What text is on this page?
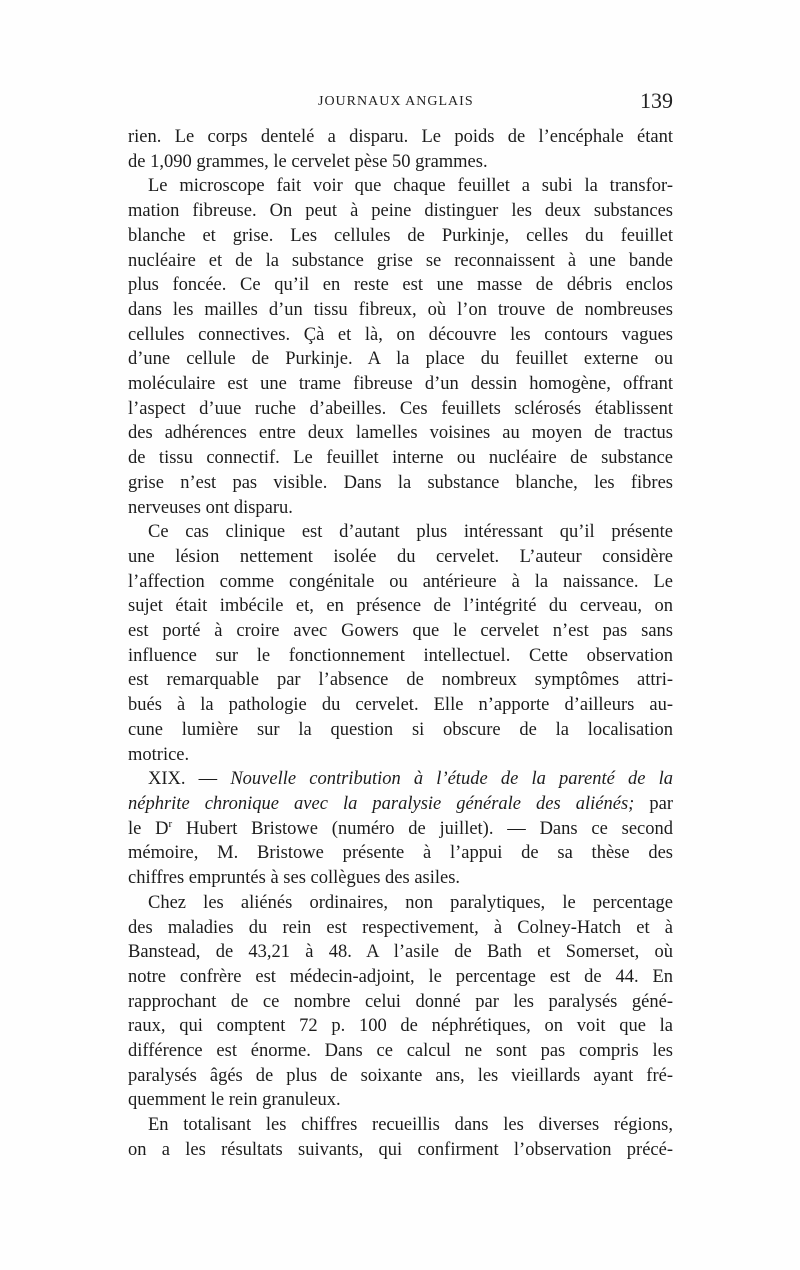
JOURNAUX ANGLAIS	139
rien. Le corps dentelé a disparu. Le poids de l’encéphale étant
de 1,090 grammes, le cervelet pèse 50 grammes.
Le microscope fait voir que chaque feuillet a subi la transfor-
mation fibreuse. On peut à peine distinguer les deux substances
blanche et grise. Les cellules de Purkinje, celles du feuillet
nucléaire et de la substance grise se reconnaissent à une bande
plus foncée. Ce qu’il en reste est une masse de débris enclos
dans les mailles d’un tissu fibreux, où l’on trouve de nombreuses
cellules connectives. Çà et là, on découvre les contours vagues
d’une cellule de Purkinje. A la place du feuillet externe ou
moléculaire est une trame fibreuse d’un dessin homogène, offrant
l’aspect d’uue ruche d’abeilles. Ces feuillets sclérosés établissent
des adhérences entre deux lamelles voisines au moyen de tractus
de tissu connectif. Le feuillet interne ou nucléaire de substance
grise n’est pas visible. Dans la substance blanche, les fibres
nerveuses ont disparu.
Ce cas clinique est d’autant plus intéressant qu’il présente
une lésion nettement isolée du cervelet. L’auteur considère
l’affection comme congénitale ou antérieure à la naissance. Le
sujet était imbécile et, en présence de l’intégrité du cerveau, on
est porté à croire avec Gowers que le cervelet n’est pas sans
influence sur le fonctionnement intellectuel. Cette observation
est remarquable par l’absence de nombreux symptômes attri-
bués à la pathologie du cervelet. Elle n’apporte d’ailleurs au-
cune lumière sur la question si obscure de la localisation
motrice.
XIX. — Nouvelle contribution à l’étude de la parenté de la
néphrite chronique avec la paralysie générale des aliénés; par
le $D^r$ Hubert Bristowe (numéro de juillet). — Dans ce second
mémoire, M. Bristowe présente à l’appui de sa thèse des
chiffres empruntés à ses collègues des asiles.
Chez les aliénés ordinaires, non paralytiques, le percentage
des maladies du rein est respectivement, à Colney-Hatch et à
Banstead, de 43,21 à 48. A l’asile de Bath et Somerset, où
notre confrère est médecin-adjoint, le percentage est de 44. En
rapprochant de ce nombre celui donné par les paralysés géné-
raux, qui comptent 72 p. 100 de néphrétiques, on voit que la
différence est énorme. Dans ce calcul ne sont pas compris les
paralysés âgés de plus de soixante ans, les vieillards ayant fré-
quemment le rein granuleux.
En totalisant les chiffres recueillis dans les diverses régions,
on a les résultats suivants, qui confirment l’observation précé-
